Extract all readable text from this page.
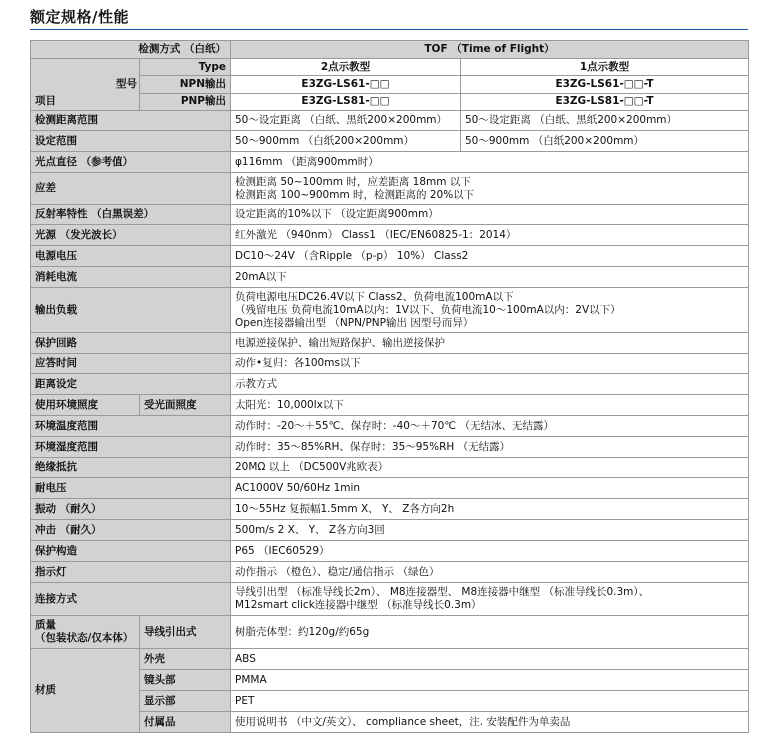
额定规格/性能
检测方式 （白纸）		TOF （Time of Flight）	

型号
项目	Type	2点示教型	1点示教型
	NPN输出	E3ZG-LS61-□□	E3ZG-LS61-□□-T
	PNP输出	E3ZG-LS81-□□	E3ZG-LS81-□□-T
检测距离范围		50～设定距离 （白纸、黑纸200×200mm）	50～设定距离 （白纸、黑纸200×200mm）
设定范围		50～900mm （白纸200×200mm）	50～900mm （白纸200×200mm）
光点直径 （参考值）		φ116mm （距离900mm时）	
应差		检测距离 50~100mm 时，应差距离 18mm 以下
检测距离 100~900mm 时，检测距离的 20%以下	

反射率特性 （白黑误差）		设定距离的10%以下 （设定距离900mm）	
光源 （发光波长）		红外激光 （940nm） Class1 （IEC/EN60825-1：2014）	
电源电压		DC10～24V （含Ripple （p-p） 10%） Class2	
消耗电流		20mA以下	
输出负载		负荷电源电压DC26.4V以下 Class2、负荷电流100mA以下
（残留电压 负荷电流10mA以内：1V以下、负荷电流10～100mA以内：2V以下）
Open连接器输出型 （NPN/PNP输出 因型号而异）	

保护回路		电源逆接保护、输出短路保护、输出逆接保护	
应答时间		动作•复归：各100ms以下	
距离设定		示教方式	
使用环境照度	受光面照度	太阳光：10,000lx以下	
环境温度范围		动作时：-20～＋55℃、保存时：-40～＋70℃ （无结冰、无结露）	
环境湿度范围		动作时：35～85%RH、保存时：35～95%RH （无结露）	
绝缘抵抗		20MΩ 以上 （DC500V兆欧表）	
耐电压		AC1000V 50/60Hz 1min	
振动 （耐久）		10～55Hz 复振幅1.5mm X、 Y、 Z各方向2h	
冲击 （耐久）		500m/s 2 X、 Y、 Z各方向3回	
保护构造		P65 （IEC60529）	
指示灯		动作指示 （橙色）、稳定/通信指示 （绿色）	
连接方式		导线引出型 （标准导线长2m）、 M8连接器型、 M8连接器中继型 （标准导线长0.3m）、
M12smart click连接器中继型 （标准导线长0.3m）	

质量
（包装状态/仅本体）	导线引出式	树脂壳体型：约120g/约65g	
材质	外壳	ABS	
	镜头部	PMMA	
	显示部	PET	
	付属品	使用说明书 （中文/英文）、 compliance sheet，注. 安装配件为单卖品	
